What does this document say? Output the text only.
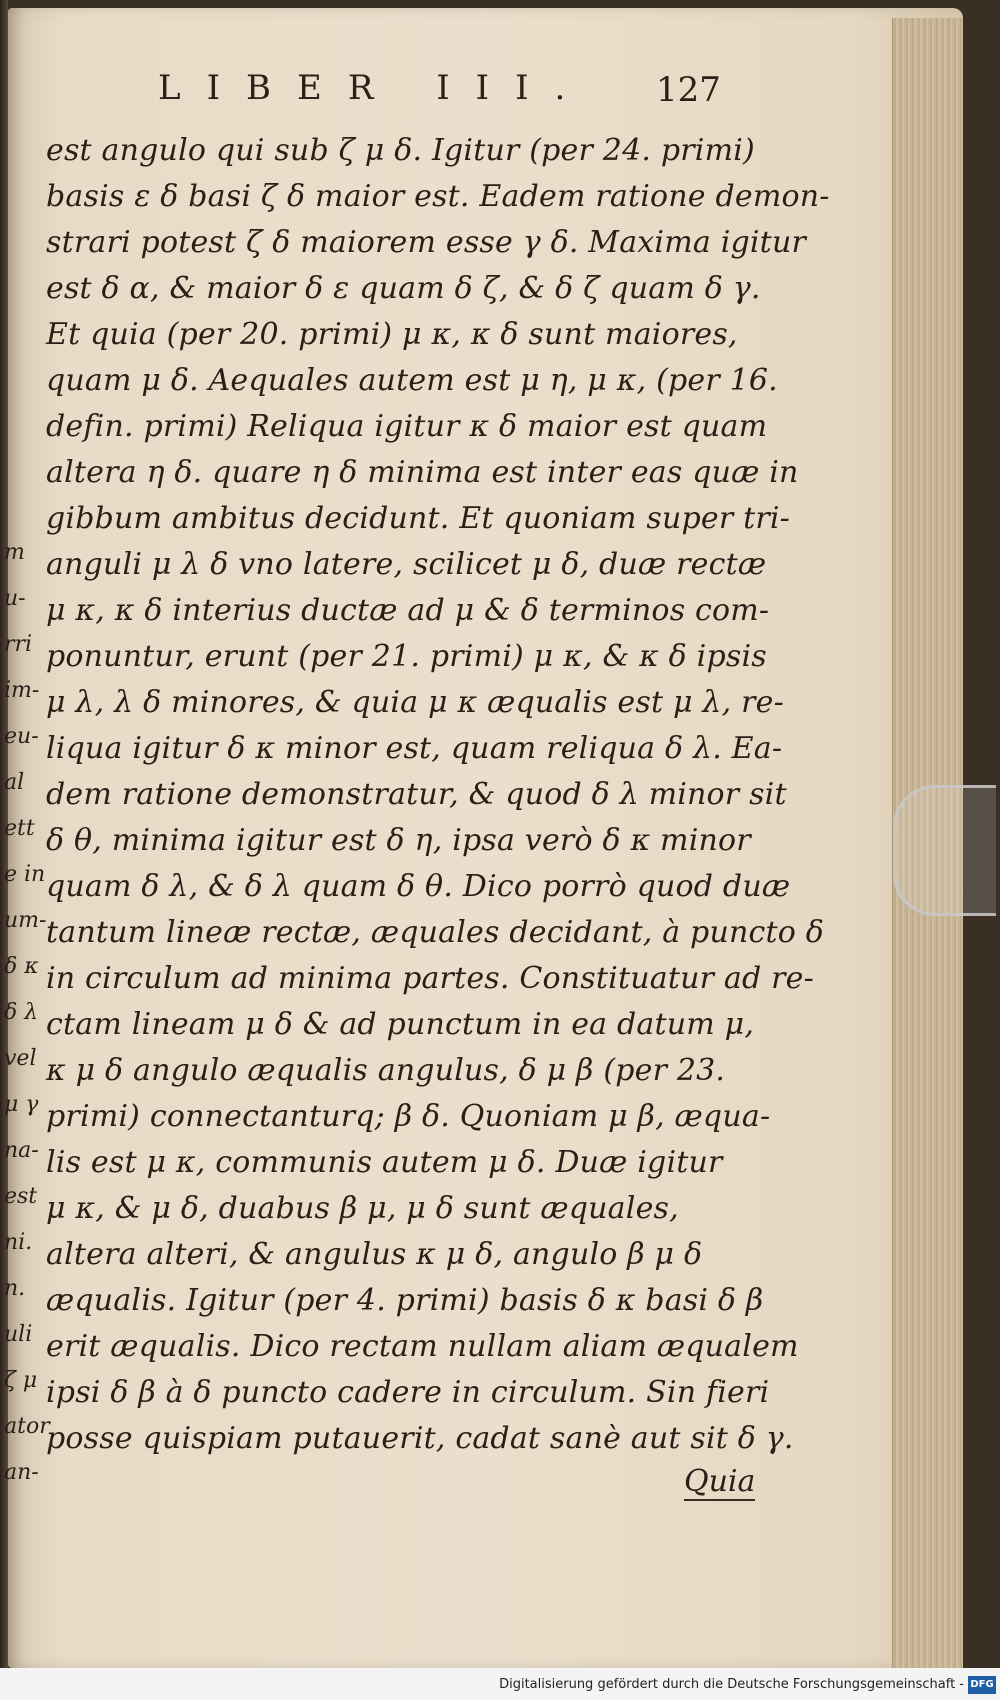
LIBER III.	127
est angulo qui sub ζ μ δ. Igitur (per 24. primi)
basis ε δ basi ζ δ maior est. Eadem ratione demon-
strari potest ζ δ maiorem esse γ δ. Maxima igitur
est δ α, & maior δ ε quam δ ζ, & δ ζ quam δ γ.
Et quia (per 20. primi) μ κ, κ δ sunt maiores,
quam μ δ. Aequales autem est μ η, μ κ, (per 16.
defin. primi) Reliqua igitur κ δ maior est quam
altera η δ. quare η δ minima est inter eas quæ in
gibbum ambitus decidunt. Et quoniam super tri-
anguli μ λ δ vno latere, scilicet μ δ, duæ rectæ
μ κ, κ δ interius ductæ ad μ & δ terminos com-
ponuntur, erunt (per 21. primi) μ κ, & κ δ ipsis
μ λ, λ δ minores, & quia μ κ æqualis est μ λ, re-
liqua igitur δ κ minor est, quam reliqua δ λ. Ea-
dem ratione demonstratur, & quod δ λ minor sit
δ θ, minima igitur est δ η, ipsa verò δ κ minor
quam δ λ, & δ λ quam δ θ. Dico porrò quod duæ
tantum lineæ rectæ, æquales decidant, à puncto δ
in circulum ad minima partes. Constituatur ad re-
ctam lineam μ δ & ad punctum in ea datum μ,
κ μ δ angulo æqualis angulus, δ μ β (per 23.
primi) connectanturq; β δ. Quoniam μ β, æqua-
lis est μ κ, communis autem μ δ. Duæ igitur
μ κ, & μ δ, duabus β μ, μ δ sunt æquales,
altera alteri, & angulus κ μ δ, angulo β μ δ
æqualis. Igitur (per 4. primi) basis δ κ basi δ β
erit æqualis. Dico rectam nullam aliam æqualem
ipsi δ β à δ puncto cadere in circulum. Sin fieri
posse quispiam putauerit, cadat sanè aut sit δ γ.
Quia
m
u-
rri
im-
eu-
al
ett
e in
um-
δ κ
δ λ
vel
μ γ
na-
est
ni.
n.
uli
ζ μ
ator
an-
Digitalisierung gefördert durch die Deutsche Forschungsgemeinschaft - DFG
